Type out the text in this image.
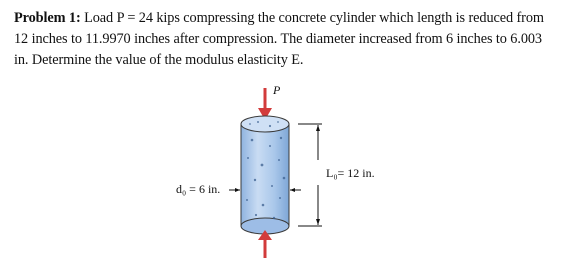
Problem 1: Load P = 24 kips compressing the concrete cylinder which length is reduced from 12 inches to 11.9970 inches after compression. The diameter increased from 6 inches to 6.003 in. Determine the value of the modulus elasticity E.
P
d₀ = 6 in.
L₀= 12 in.
